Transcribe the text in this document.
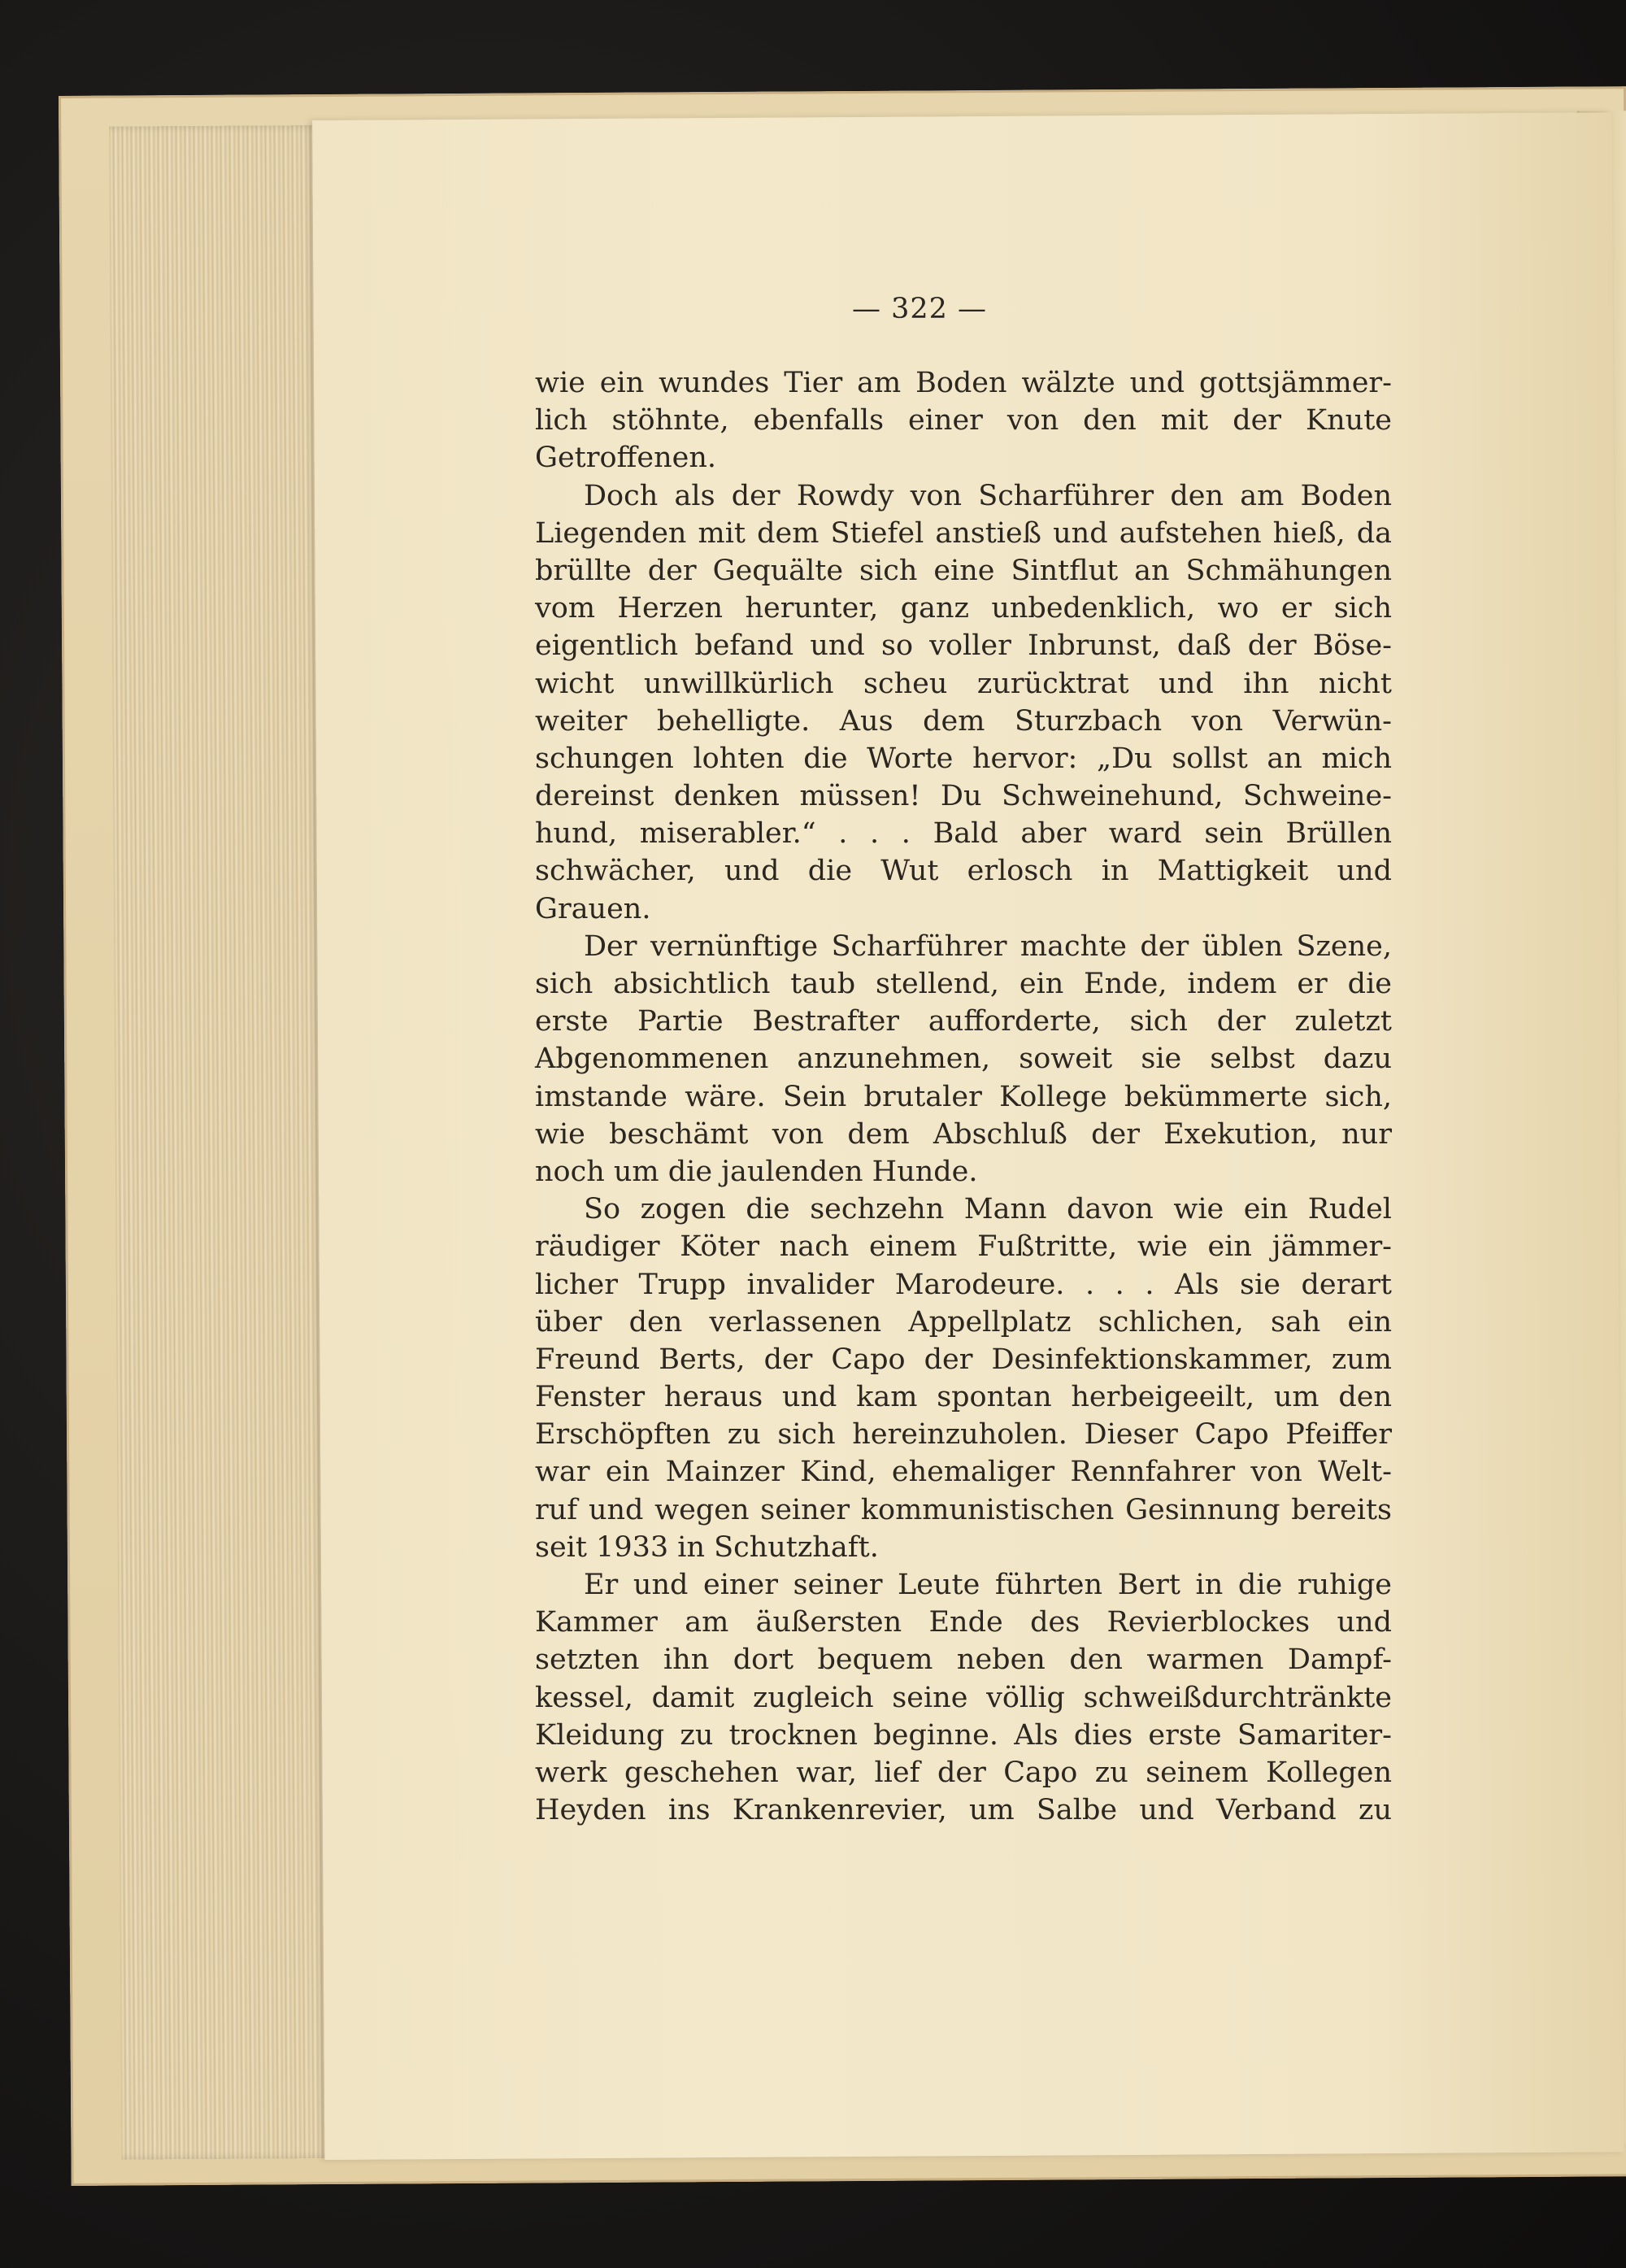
— 322 —
wie ein wundes Tier am Boden wälzte und gottsjämmer-
lich stöhnte, ebenfalls einer von den mit der Knute
Getroffenen.
Doch als der Rowdy von Scharführer den am Boden
Liegenden mit dem Stiefel anstieß und aufstehen hieß, da
brüllte der Gequälte sich eine Sintflut an Schmähungen
vom Herzen herunter, ganz unbedenklich, wo er sich
eigentlich befand und so voller Inbrunst, daß der Böse-
wicht unwillkürlich scheu zurücktrat und ihn nicht
weiter behelligte. Aus dem Sturzbach von Verwün-
schungen lohten die Worte hervor: „Du sollst an mich
dereinst denken müssen! Du Schweinehund, Schweine-
hund, miserabler.“ . . . Bald aber ward sein Brüllen
schwächer, und die Wut erlosch in Mattigkeit und
Grauen.
Der vernünftige Scharführer machte der üblen Szene,
sich absichtlich taub stellend, ein Ende, indem er die
erste Partie Bestrafter aufforderte, sich der zuletzt
Abgenommenen anzunehmen, soweit sie selbst dazu
imstande wäre. Sein brutaler Kollege bekümmerte sich,
wie beschämt von dem Abschluß der Exekution, nur
noch um die jaulenden Hunde.
So zogen die sechzehn Mann davon wie ein Rudel
räudiger Köter nach einem Fußtritte, wie ein jämmer-
licher Trupp invalider Marodeure. . . . Als sie derart
über den verlassenen Appellplatz schlichen, sah ein
Freund Berts, der Capo der Desinfektionskammer, zum
Fenster heraus und kam spontan herbeigeeilt, um den
Erschöpften zu sich hereinzuholen. Dieser Capo Pfeiffer
war ein Mainzer Kind, ehemaliger Rennfahrer von Welt-
ruf und wegen seiner kommunistischen Gesinnung bereits
seit 1933 in Schutzhaft.
Er und einer seiner Leute führten Bert in die ruhige
Kammer am äußersten Ende des Revierblockes und
setzten ihn dort bequem neben den warmen Dampf-
kessel, damit zugleich seine völlig schweißdurchtränkte
Kleidung zu trocknen beginne. Als dies erste Samariter-
werk geschehen war, lief der Capo zu seinem Kollegen
Heyden ins Krankenrevier, um Salbe und Verband zu
